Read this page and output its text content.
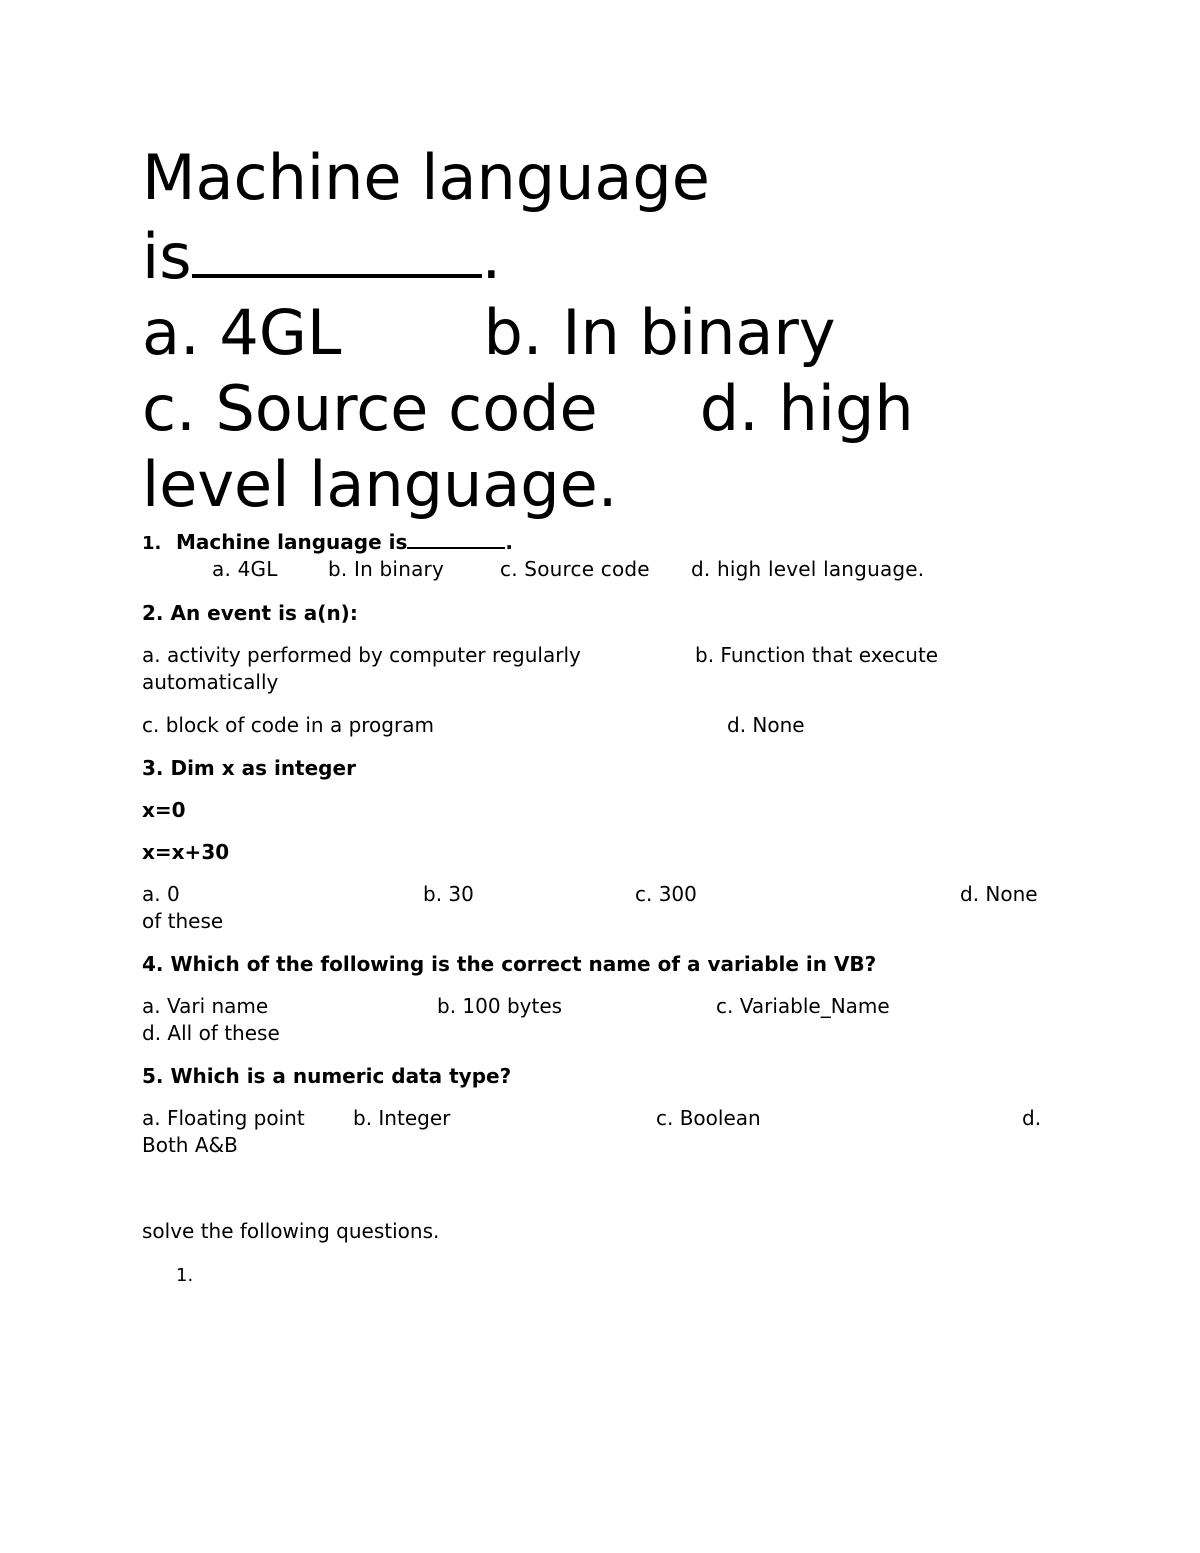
Machine language
is	.
a. 4GL b. In binary
c. Source code d. high
level language.
1. Machine language is	.
a. 4GL	b. In binary	c. Source code d. high level language.
2. An event is a(n):
a. activity performed by computer regularly	b. Function that execute
automatically
c. block of code in a program	d. None
3. Dim x as integer
x=0
x=x+30
a. 0	b. 30	c. 300	d. None
of these
4. Which of the following is the correct name of a variable in VB?
a. Vari name	b. 100 bytes	c. Variable_Name
d. All of these
5. Which is a numeric data type?
a. Floating point b. Integer	c. Boolean	d.
Both A&B
solve the following questions.
1.
